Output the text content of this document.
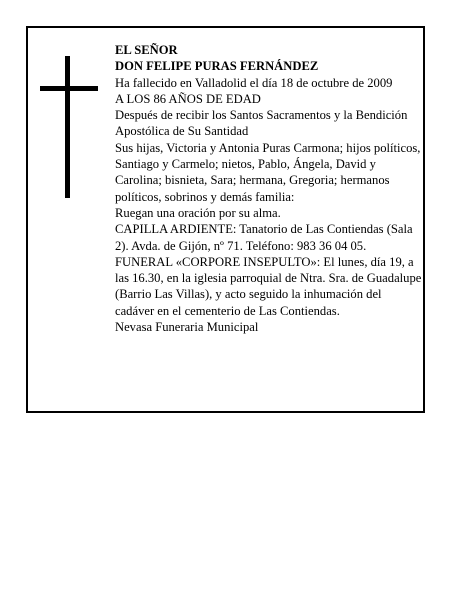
EL SEÑOR

DON FELIPE PURAS FERNÁNDEZ

Ha fallecido en Valladolid el día 18 de octubre de 2009

A LOS 86 AÑOS DE EDAD

Después de recibir los Santos Sacramentos y la Bendición Apostólica de Su Santidad

Sus hijas, Victoria y Antonia Puras Carmona; hijos políticos, Santiago y Carmelo; nietos, Pablo, Ángela, David y Carolina; bisnieta, Sara; hermana, Gregoria; hermanos políticos, sobrinos y demás familia:

Ruegan una oración por su alma.

CAPILLA ARDIENTE: Tanatorio de Las Contiendas (Sala 2). Avda. de Gijón, nº 71. Teléfono: 983 36 04 05.

FUNERAL «CORPORE INSEPULTO»: El lunes, día 19, a las 16.30, en la iglesia parroquial de Ntra. Sra. de Guadalupe (Barrio Las Villas), y acto seguido la inhumación del cadáver en el cementerio de Las Contiendas.

Nevasa Funeraria Municipal
